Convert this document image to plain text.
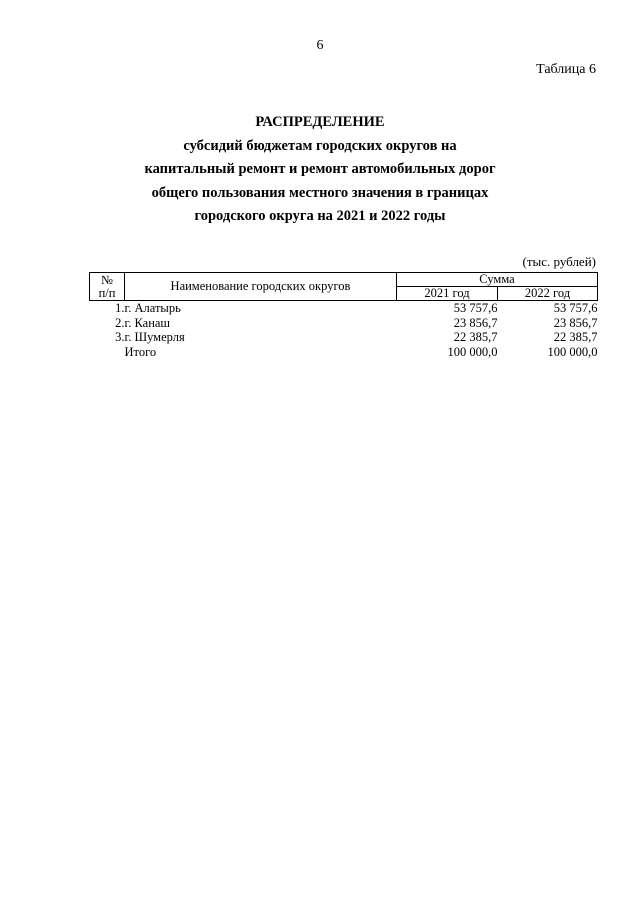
6
Таблица 6
РАСПРЕДЕЛЕНИЕ
субсидий бюджетам городских округов на
капитальный ремонт и ремонт автомобильных дорог
общего пользования местного значения в границах
городского округа на 2021 и 2022 годы
(тыс. рублей)
№
п/п	Наименование городских округов	Сумма	
		2021 год	2022 год
1.	г. Алатырь	53 757,6	53 757,6
2.	г. Канаш	23 856,7	23 856,7
3.	г. Шумерля	22 385,7	22 385,7
	Итого	100 000,0	100 000,0
